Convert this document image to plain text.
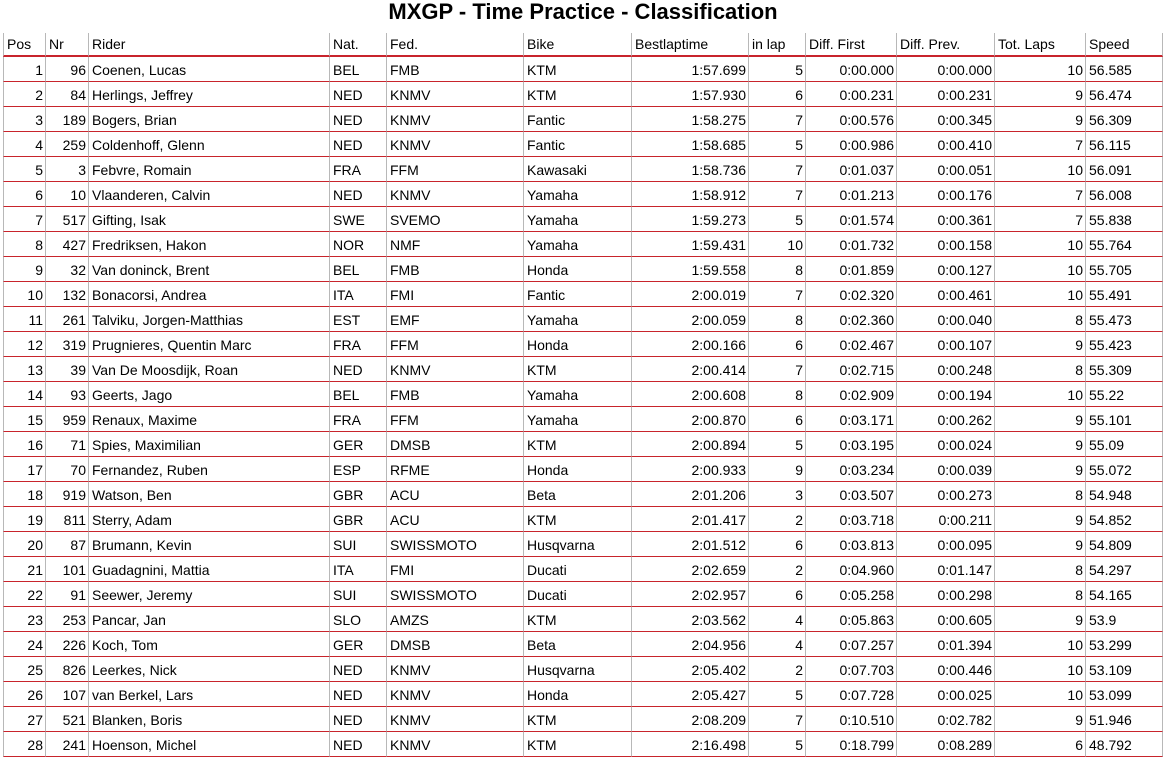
MXGP - Time Practice - Classification
Pos	Nr	Rider	Nat.	Fed.	Bike	Bestlaptime	in lap	Diff. First	Diff. Prev.	Tot. Laps	Speed
1	96	Coenen, Lucas	BEL	FMB	KTM	1:57.699	5	0:00.000	0:00.000	10	56.585
2	84	Herlings, Jeffrey	NED	KNMV	KTM	1:57.930	6	0:00.231	0:00.231	9	56.474
3	189	Bogers, Brian	NED	KNMV	Fantic	1:58.275	7	0:00.576	0:00.345	9	56.309
4	259	Coldenhoff, Glenn	NED	KNMV	Fantic	1:58.685	5	0:00.986	0:00.410	7	56.115
5	3	Febvre, Romain	FRA	FFM	Kawasaki	1:58.736	7	0:01.037	0:00.051	10	56.091
6	10	Vlaanderen, Calvin	NED	KNMV	Yamaha	1:58.912	7	0:01.213	0:00.176	7	56.008
7	517	Gifting, Isak	SWE	SVEMO	Yamaha	1:59.273	5	0:01.574	0:00.361	7	55.838
8	427	Fredriksen, Hakon	NOR	NMF	Yamaha	1:59.431	10	0:01.732	0:00.158	10	55.764
9	32	Van doninck, Brent	BEL	FMB	Honda	1:59.558	8	0:01.859	0:00.127	10	55.705
10	132	Bonacorsi, Andrea	ITA	FMI	Fantic	2:00.019	7	0:02.320	0:00.461	10	55.491
11	261	Talviku, Jorgen-Matthias	EST	EMF	Yamaha	2:00.059	8	0:02.360	0:00.040	8	55.473
12	319	Prugnieres, Quentin Marc	FRA	FFM	Honda	2:00.166	6	0:02.467	0:00.107	9	55.423
13	39	Van De Moosdijk, Roan	NED	KNMV	KTM	2:00.414	7	0:02.715	0:00.248	8	55.309
14	93	Geerts, Jago	BEL	FMB	Yamaha	2:00.608	8	0:02.909	0:00.194	10	55.22
15	959	Renaux, Maxime	FRA	FFM	Yamaha	2:00.870	6	0:03.171	0:00.262	9	55.101
16	71	Spies, Maximilian	GER	DMSB	KTM	2:00.894	5	0:03.195	0:00.024	9	55.09
17	70	Fernandez, Ruben	ESP	RFME	Honda	2:00.933	9	0:03.234	0:00.039	9	55.072
18	919	Watson, Ben	GBR	ACU	Beta	2:01.206	3	0:03.507	0:00.273	8	54.948
19	811	Sterry, Adam	GBR	ACU	KTM	2:01.417	2	0:03.718	0:00.211	9	54.852
20	87	Brumann, Kevin	SUI	SWISSMOTO	Husqvarna	2:01.512	6	0:03.813	0:00.095	9	54.809
21	101	Guadagnini, Mattia	ITA	FMI	Ducati	2:02.659	2	0:04.960	0:01.147	8	54.297
22	91	Seewer, Jeremy	SUI	SWISSMOTO	Ducati	2:02.957	6	0:05.258	0:00.298	8	54.165
23	253	Pancar, Jan	SLO	AMZS	KTM	2:03.562	4	0:05.863	0:00.605	9	53.9
24	226	Koch, Tom	GER	DMSB	Beta	2:04.956	4	0:07.257	0:01.394	10	53.299
25	826	Leerkes, Nick	NED	KNMV	Husqvarna	2:05.402	2	0:07.703	0:00.446	10	53.109
26	107	van Berkel, Lars	NED	KNMV	Honda	2:05.427	5	0:07.728	0:00.025	10	53.099
27	521	Blanken, Boris	NED	KNMV	KTM	2:08.209	7	0:10.510	0:02.782	9	51.946
28	241	Hoenson, Michel	NED	KNMV	KTM	2:16.498	5	0:18.799	0:08.289	6	48.792
